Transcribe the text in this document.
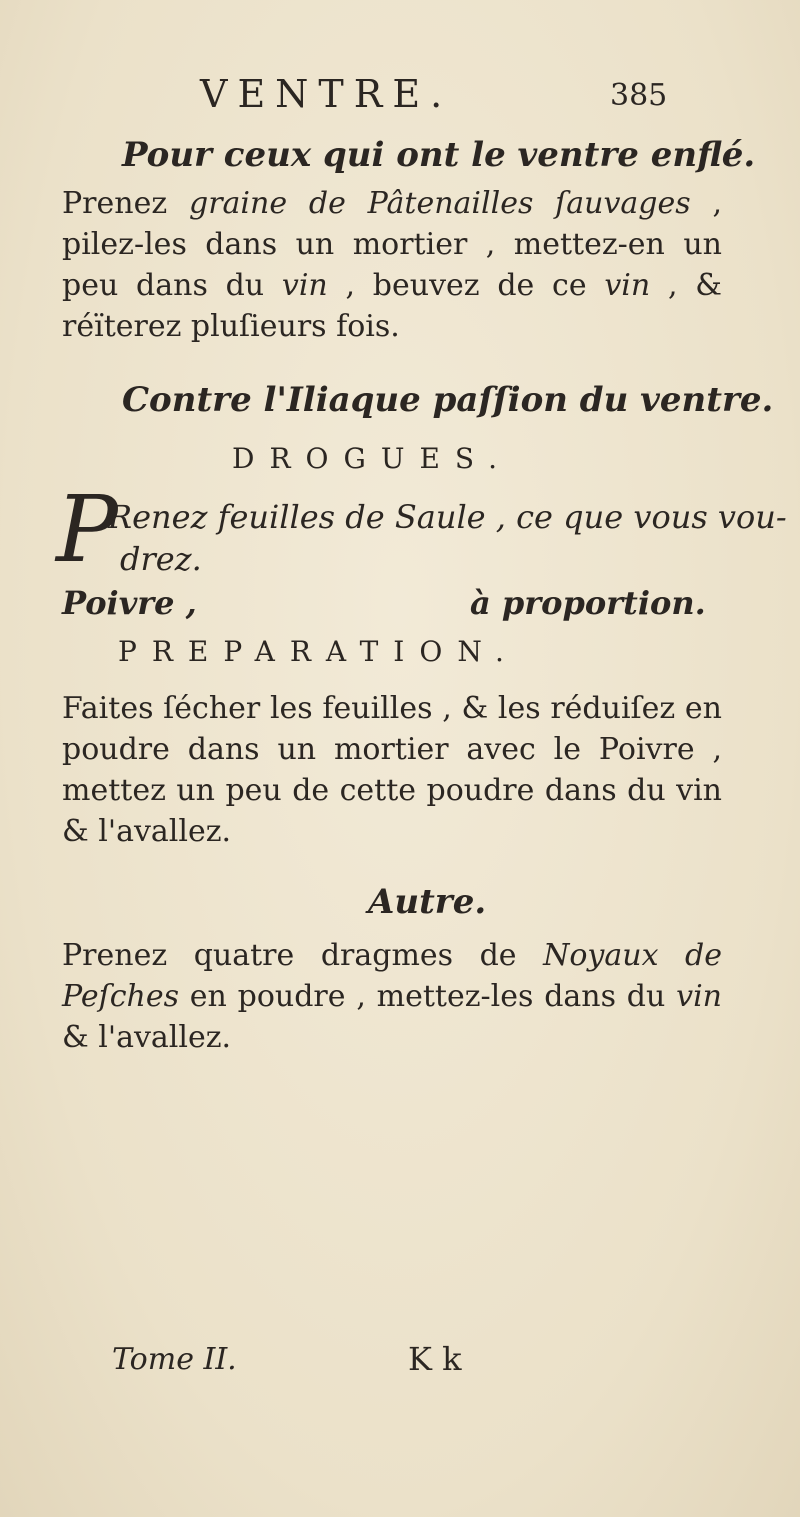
VENTRE.	385
Pour ceux qui ont le ventre enflé.
Prenez graine de Pâtenailles ſauvages , pilez-les dans un mortier , mettez-en un peu dans du vin , beuvez de ce vin , & réïterez pluſieurs fois.
Contre l'Iliaque paſſion du ventre.
DROGUES.
P
Renez feuilles de Saule , ce que vous vou-
drez.
Poivre ,	à proportion.
PREPARATION.
Faites ſécher les feuilles , & les réduiſez en poudre dans un mortier avec le Poivre , mettez un peu de cette poudre dans du vin & l'avallez.
Autre.
Prenez quatre dragmes de Noyaux de Peſches en poudre , mettez-les dans du vin & l'avallez.
Tome II.	K k
